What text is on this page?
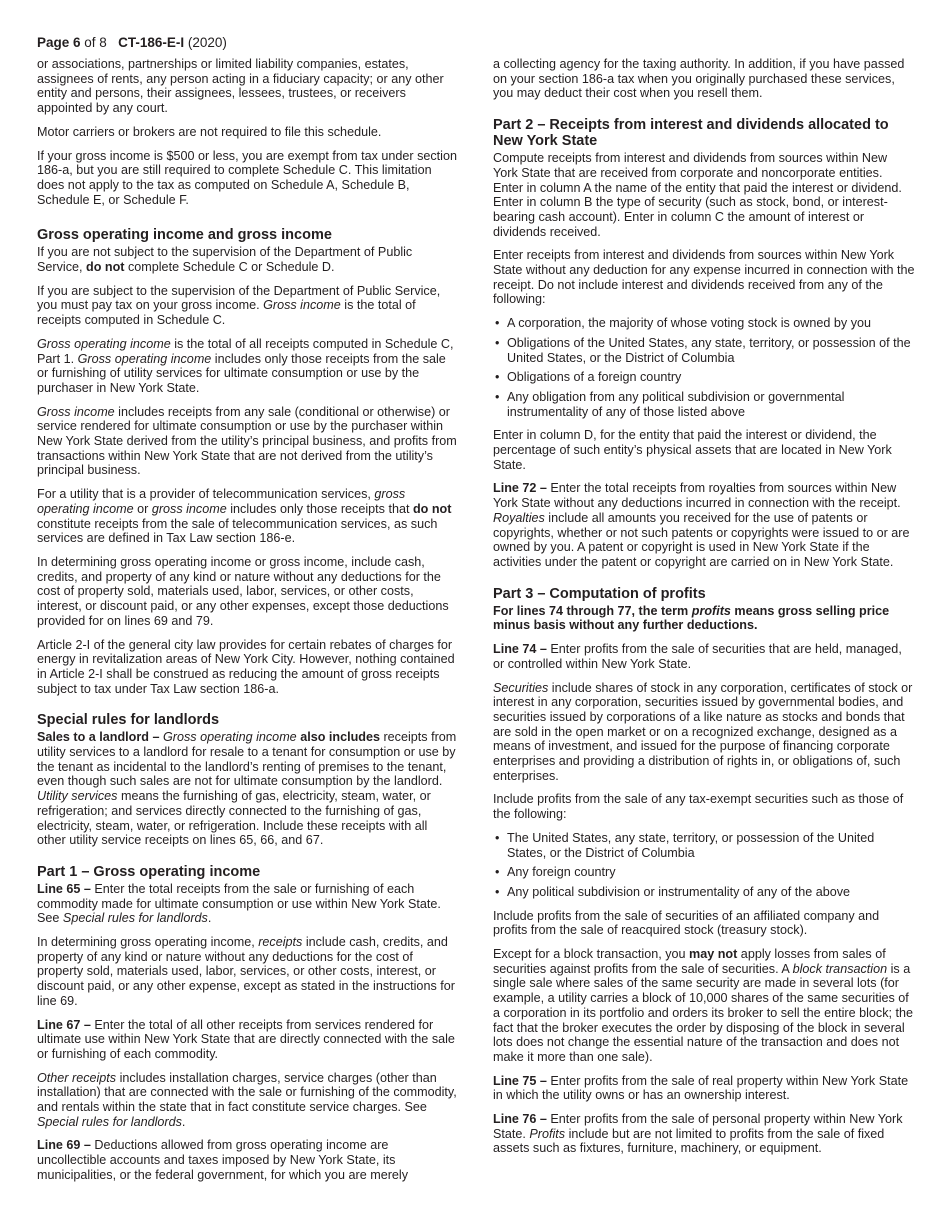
Page 6 of 8 CT-186-E-I (2020)

or associations, partnerships or limited liability companies, estates, assignees of rents, any person acting in a fiduciary capacity; or any other entity and persons, their assignees, lessees, trustees, or receivers appointed by any court.

Motor carriers or brokers are not required to file this schedule.

If your gross income is $500 or less, you are exempt from tax under section 186-a, but you are still required to complete Schedule C. This limitation does not apply to the tax as computed on Schedule A, Schedule B, Schedule E, or Schedule F.

Gross operating income and gross income

If you are not subject to the supervision of the Department of Public Service, do not complete Schedule C or Schedule D.

If you are subject to the supervision of the Department of Public Service, you must pay tax on your gross income. Gross income is the total of receipts computed in Schedule C.

Gross operating income is the total of all receipts computed in Schedule C, Part 1. Gross operating income includes only those receipts from the sale or furnishing of utility services for ultimate consumption or use by the purchaser in New York State.

Gross income includes receipts from any sale (conditional or otherwise) or service rendered for ultimate consumption or use by the purchaser within New York State derived from the utility’s principal business, and profits from transactions within New York State that are not derived from the utility’s principal business.

For a utility that is a provider of telecommunication services, gross operating income or gross income includes only those receipts that do not constitute receipts from the sale of telecommunication services, as such services are defined in Tax Law section 186-e.

In determining gross operating income or gross income, include cash, credits, and property of any kind or nature without any deductions for the cost of property sold, materials used, labor, services, or other costs, interest, or discount paid, or any other expenses, except those deductions provided for on lines 69 and 79.

Article 2-I of the general city law provides for certain rebates of charges for energy in revitalization areas of New York City. However, nothing contained in Article 2-I shall be construed as reducing the amount of gross receipts subject to tax under Tax Law section 186-a.

Special rules for landlords

Sales to a landlord – Gross operating income also includes receipts from utility services to a landlord for resale to a tenant for consumption or use by the tenant as incidental to the landlord’s renting of premises to the tenant, even though such sales are not for ultimate consumption by the landlord. Utility services means the furnishing of gas, electricity, steam, water, or refrigeration; and services directly connected to the furnishing of gas, electricity, steam, water, or refrigeration. Include these receipts with all other utility service receipts on lines 65, 66, and 67.

Part 1 – Gross operating income

Line 65 – Enter the total receipts from the sale or furnishing of each commodity made for ultimate consumption or use within New York State. See Special rules for landlords.

In determining gross operating income, receipts include cash, credits, and property of any kind or nature without any deductions for the cost of property sold, materials used, labor, services, or other costs, interest, or discount paid, or any other expense, except as stated in the instructions for line 69.

Line 67 – Enter the total of all other receipts from services rendered for ultimate use within New York State that are directly connected with the sale or furnishing of each commodity.

Other receipts includes installation charges, service charges (other than installation) that are connected with the sale or furnishing of the commodity, and rentals within the state that in fact constitute service charges. See Special rules for landlords.

Line 69 – Deductions allowed from gross operating income are uncollectible accounts and taxes imposed by New York State, its municipalities, or the federal government, for which you are merely

a collecting agency for the taxing authority. In addition, if you have passed on your section 186-a tax when you originally purchased these services, you may deduct their cost when you resell them.

Part 2 – Receipts from interest and dividends allocated to New York State

Compute receipts from interest and dividends from sources within New York State that are received from corporate and noncorporate entities. Enter in column A the name of the entity that paid the interest or dividend. Enter in column B the type of security (such as stock, bond, or interest-bearing cash account). Enter in column C the amount of interest or dividends received.

Enter receipts from interest and dividends from sources within New York State without any deduction for any expense incurred in connection with the receipt. Do not include interest and dividends received from any of the following:

• A corporation, the majority of whose voting stock is owned by you
• Obligations of the United States, any state, territory, or possession of the United States, or the District of Columbia
• Obligations of a foreign country
• Any obligation from any political subdivision or governmental instrumentality of any of those listed above

Enter in column D, for the entity that paid the interest or dividend, the percentage of such entity’s physical assets that are located in New York State.

Line 72 – Enter the total receipts from royalties from sources within New York State without any deductions incurred in connection with the receipt. Royalties include all amounts you received for the use of patents or copyrights, whether or not such patents or copyrights were issued to or are owned by you. A patent or copyright is used in New York State if the activities under the patent or copyright are carried on in New York State.

Part 3 – Computation of profits

For lines 74 through 77, the term profits means gross selling price minus basis without any further deductions.

Line 74 – Enter profits from the sale of securities that are held, managed, or controlled within New York State.

Securities include shares of stock in any corporation, certificates of stock or interest in any corporation, securities issued by governmental bodies, and securities issued by corporations of a like nature as stocks and bonds that are sold in the open market or on a recognized exchange, designed as a means of investment, and issued for the purpose of financing corporate enterprises and providing a distribution of rights in, or obligations of, such enterprises.

Include profits from the sale of any tax-exempt securities such as those of the following:

• The United States, any state, territory, or possession of the United States, or the District of Columbia
• Any foreign country
• Any political subdivision or instrumentality of any of the above

Include profits from the sale of securities of an affiliated company and profits from the sale of reacquired stock (treasury stock).

Except for a block transaction, you may not apply losses from sales of securities against profits from the sale of securities. A block transaction is a single sale where sales of the same security are made in several lots (for example, a utility carries a block of 10,000 shares of the same securities of a corporation in its portfolio and orders its broker to sell the entire block; the fact that the broker executes the order by disposing of the block in several lots does not change the essential nature of the transaction and does not make it more than one sale).

Line 75 – Enter profits from the sale of real property within New York State in which the utility owns or has an ownership interest.

Line 76 – Enter profits from the sale of personal property within New York State. Profits include but are not limited to profits from the sale of fixed assets such as fixtures, furniture, machinery, or equipment.
